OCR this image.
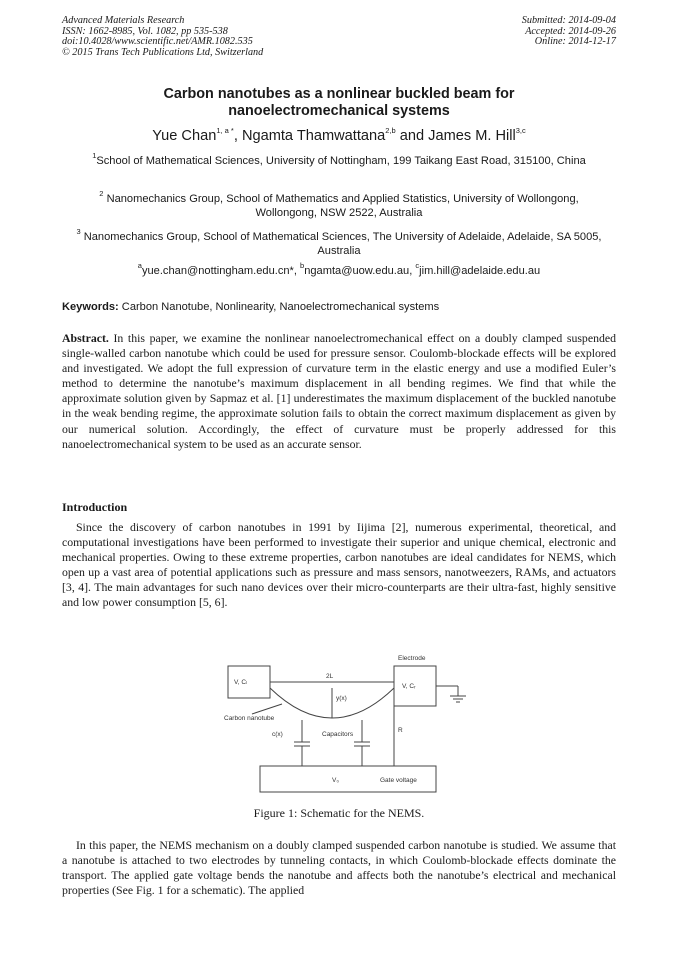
Advanced Materials Research
ISSN: 1662-8985, Vol. 1082, pp 535-538
doi:10.4028/www.scientific.net/AMR.1082.535
© 2015 Trans Tech Publications Ltd, Switzerland
Submitted: 2014-09-04
Accepted: 2014-09-26
Online: 2014-12-17
Carbon nanotubes as a nonlinear buckled beam for
nanoelectromechanical systems
Yue Chan$^{1, a *}$, Ngamta Thamwattana$^{2,b}$ and James M. Hill$^{3,c}$
$^1$School of Mathematical Sciences, University of Nottingham, 199 Taikang East Road, 315100, China
$^2$ Nanomechanics Group, School of Mathematics and Applied Statistics, University of Wollongong, Wollongong, NSW 2522, Australia
$^3$ Nanomechanics Group, School of Mathematical Sciences, The University of Adelaide, Adelaide, SA 5005, Australia
$^a$yue.chan@nottingham.edu.cn*, $^b$ngamta@uow.edu.au, $^c$jim.hill@adelaide.edu.au
Keywords: Carbon Nanotube, Nonlinearity, Nanoelectromechanical systems
Abstract. In this paper, we examine the nonlinear nanoelectromechanical effect on a doubly clamped suspended single-walled carbon nanotube which could be used for pressure sensor. Coulomb-blockade effects will be explored and investigated. We adopt the full expression of curvature term in the elastic energy and use a modified Euler’s method to determine the nanotube’s maximum displacement in all bending regimes. We find that while the approximate solution given by Sapmaz et al. [1] underestimates the maximum displacement of the buckled nanotube in the weak bending regime, the approximate solution fails to obtain the correct maximum displacement as given by our numerical solution. Accordingly, the effect of curvature must be properly addressed for this nanoelectromechanical system to be used as an accurate sensor.
Introduction
Since the discovery of carbon nanotubes in 1991 by Iijima [2], numerous experimental, theoretical, and computational investigations have been performed to investigate their superior and unique chemical, electronic and mechanical properties. Owing to these extreme properties, carbon nanotubes are ideal candidates for NEMS, which open up a vast area of potential applications such as pressure and mass sensors, nanotweezers, RAMs, and actuators [3, 4]. The main advantages for such nano devices over their micro-counterparts are their ultra-fast, highly sensitive and low power consumption [5, 6].
Electrode
2L
V, Cₗ
V, Cᵣ
y(x)
Carbon nanotube
c(x)	Capacitors
R
V₀	Gate voltage
Figure 1: Schematic for the NEMS.
In this paper, the NEMS mechanism on a doubly clamped suspended carbon nanotube is studied. We assume that a nanotube is attached to two electrodes by tunneling contacts, in which Coulomb-blockade effects dominate the transport. The applied gate voltage bends the nanotube and affects both the nanotube’s electrical and mechanical properties (See Fig. 1 for a schematic). The applied
